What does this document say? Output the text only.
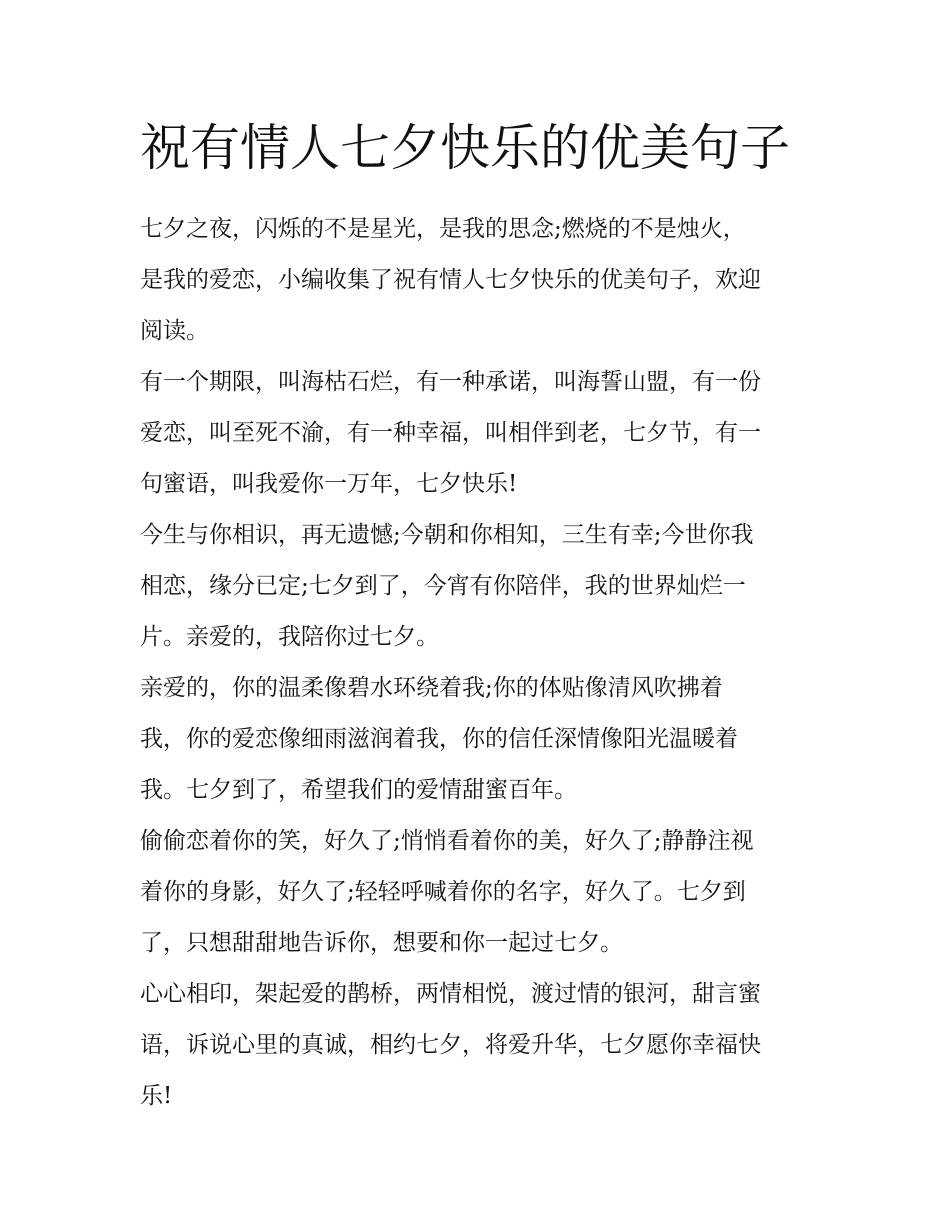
祝有情人七夕快乐的优美句子

七夕之夜，闪烁的不是星光，是我的思念;燃烧的不是烛火，
是我的爱恋，小编收集了祝有情人七夕快乐的优美句子，欢迎
阅读。

有一个期限，叫海枯石烂，有一种承诺，叫海誓山盟，有一份
爱恋，叫至死不渝，有一种幸福，叫相伴到老，七夕节，有一
句蜜语，叫我爱你一万年，七夕快乐!

今生与你相识，再无遗憾;今朝和你相知，三生有幸;今世你我
相恋，缘分已定;七夕到了，今宵有你陪伴，我的世界灿烂一
片。亲爱的，我陪你过七夕。

亲爱的，你的温柔像碧水环绕着我;你的体贴像清风吹拂着
我，你的爱恋像细雨滋润着我，你的信任深情像阳光温暖着
我。七夕到了，希望我们的爱情甜蜜百年。

偷偷恋着你的笑，好久了;悄悄看着你的美，好久了;静静注视
着你的身影，好久了;轻轻呼喊着你的名字，好久了。七夕到
了，只想甜甜地告诉你，想要和你一起过七夕。

心心相印，架起爱的鹊桥，两情相悦，渡过情的银河，甜言蜜
语，诉说心里的真诚，相约七夕，将爱升华，七夕愿你幸福快
乐!
